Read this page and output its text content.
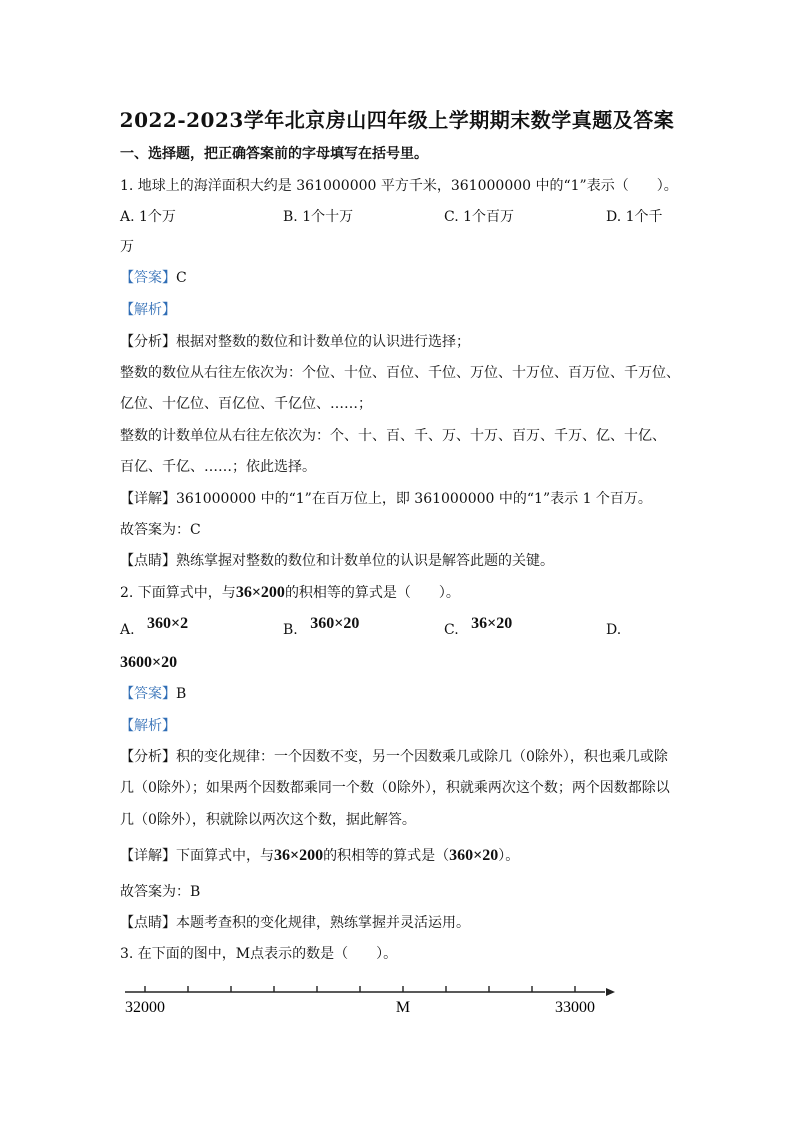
2022-2023学年北京房山四年级上学期期末数学真题及答案
一、选择题，把正确答案前的字母填写在括号里。
1. 地球上的海洋面积大约是 361000000 平方千米，361000000 中的“1”表示（　　）。
A. 1个万	B. 1个十万	C. 1个百万	D. 1个千
万
【答案】C
【解析】
【分析】根据对整数的数位和计数单位的认识进行选择；
整数的数位从右往左依次为：个位、十位、百位、千位、万位、十万位、百万位、千万位、
亿位、十亿位、百亿位、千亿位、……；
整数的计数单位从右往左依次为：个、十、百、千、万、十万、百万、千万、亿、十亿、
百亿、千亿、……；依此选择。
【详解】361000000 中的“1”在百万位上，即 361000000 中的“1”表示 1 个百万。
故答案为：C
【点睛】熟练掌握对整数的数位和计数单位的认识是解答此题的关键。
2. 下面算式中，与36×200的积相等的算式是（　　）。
A. 360×2	B. 360×20	C. 36×20	D.
3600×20
【答案】B
【解析】
【分析】积的变化规律：一个因数不变，另一个因数乘几或除几（0除外），积也乘几或除
几（0除外）；如果两个因数都乘同一个数（0除外），积就乘两次这个数；两个因数都除以
几（0除外），积就除以两次这个数，据此解答。
【详解】下面算式中，与36×200的积相等的算式是（360×20）。
故答案为：B
【点睛】本题考查积的变化规律，熟练掌握并灵活运用。
3. 在下面的图中，M点表示的数是（　　）。
32000	M	33000
